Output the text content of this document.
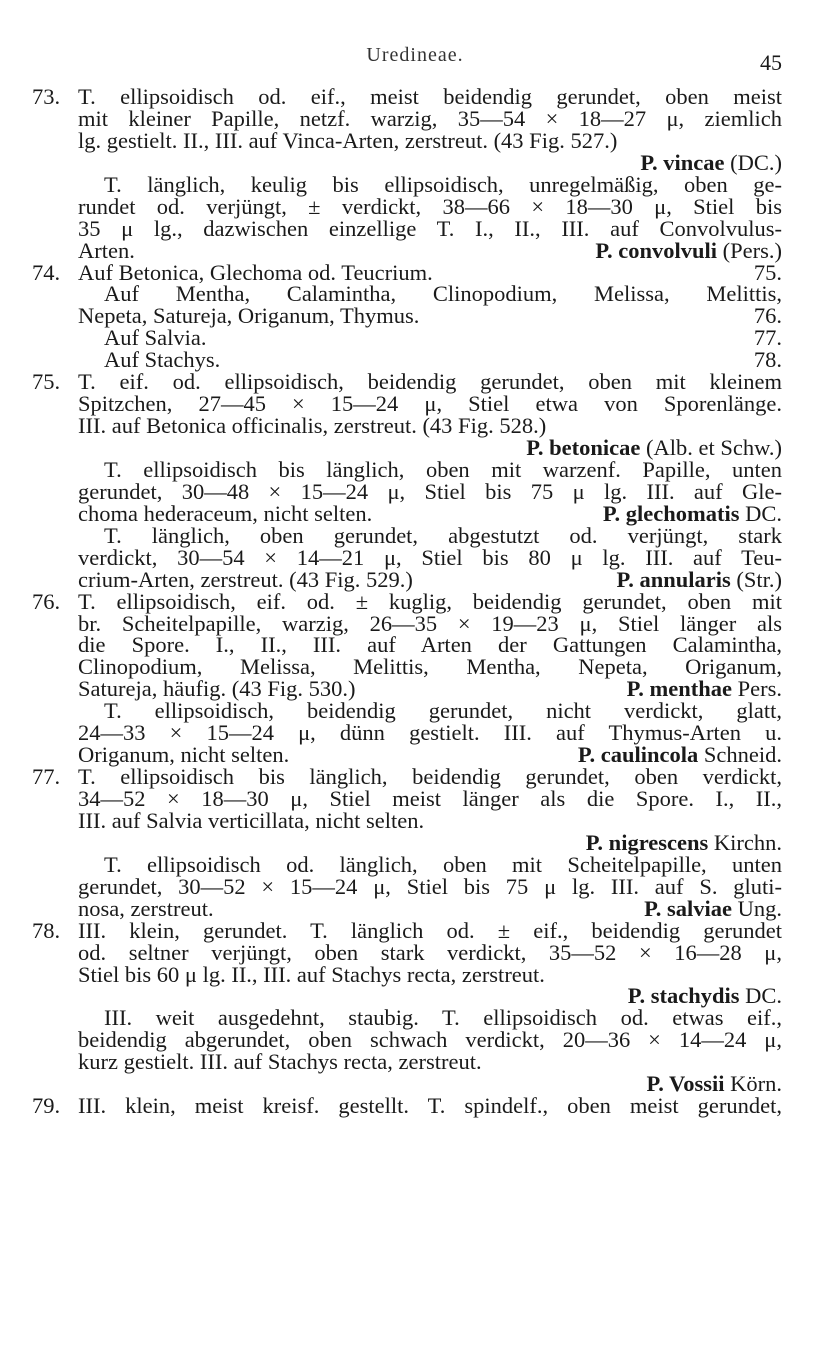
Uredineae.	45
73. T. ellipsoidisch od. eif., meist beidendig gerundet, oben meist
mit kleiner Papille, netzf. warzig, 35—54 × 18—27 μ, ziemlich
lg. gestielt. II., III. auf Vinca-Arten, zerstreut. (43 Fig. 527.)
P. vincae (DC.)
T. länglich, keulig bis ellipsoidisch, unregelmäßig, oben ge-
rundet od. verjüngt, ± verdickt, 38—66 × 18—30 μ, Stiel bis
35 μ lg., dazwischen einzellige T. I., II., III. auf Convolvulus-
Arten.	P. convolvuli (Pers.)
74. Auf Betonica, Glechoma od. Teucrium.	75.
Auf Mentha, Calamintha, Clinopodium, Melissa, Melittis,
Nepeta, Satureja, Origanum, Thymus.	76.
Auf Salvia.	77.
Auf Stachys.	78.
75. T. eif. od. ellipsoidisch, beidendig gerundet, oben mit kleinem
Spitzchen, 27—45 × 15—24 μ, Stiel etwa von Sporenlänge.
III. auf Betonica officinalis, zerstreut. (43 Fig. 528.)
P. betonicae (Alb. et Schw.)
T. ellipsoidisch bis länglich, oben mit warzenf. Papille, unten
gerundet, 30—48 × 15—24 μ, Stiel bis 75 μ lg. III. auf Gle-
choma hederaceum, nicht selten.	P. glechomatis DC.
T. länglich, oben gerundet, abgestutzt od. verjüngt, stark
verdickt, 30—54 × 14—21 μ, Stiel bis 80 μ lg. III. auf Teu-
crium-Arten, zerstreut. (43 Fig. 529.)	P. annularis (Str.)
76. T. ellipsoidisch, eif. od. ± kuglig, beidendig gerundet, oben mit
br. Scheitelpapille, warzig, 26—35 × 19—23 μ, Stiel länger als
die Spore. I., II., III. auf Arten der Gattungen Calamintha,
Clinopodium, Melissa, Melittis, Mentha, Nepeta, Origanum,
Satureja, häufig. (43 Fig. 530.)	P. menthae Pers.
T. ellipsoidisch, beidendig gerundet, nicht verdickt, glatt,
24—33 × 15—24 μ, dünn gestielt. III. auf Thymus-Arten u.
Origanum, nicht selten.	P. caulincola Schneid.
77. T. ellipsoidisch bis länglich, beidendig gerundet, oben verdickt,
34—52 × 18—30 μ, Stiel meist länger als die Spore. I., II.,
III. auf Salvia verticillata, nicht selten.
P. nigrescens Kirchn.
T. ellipsoidisch od. länglich, oben mit Scheitelpapille, unten
gerundet, 30—52 × 15—24 μ, Stiel bis 75 μ lg. III. auf S. gluti-
nosa, zerstreut.	P. salviae Ung.
78. III. klein, gerundet. T. länglich od. ± eif., beidendig gerundet
od. seltner verjüngt, oben stark verdickt, 35—52 × 16—28 μ,
Stiel bis 60 μ lg. II., III. auf Stachys recta, zerstreut.
P. stachydis DC.
III. weit ausgedehnt, staubig. T. ellipsoidisch od. etwas eif.,
beidendig abgerundet, oben schwach verdickt, 20—36 × 14—24 μ,
kurz gestielt. III. auf Stachys recta, zerstreut.
P. Vossii Körn.
79. III. klein, meist kreisf. gestellt. T. spindelf., oben meist gerundet,
